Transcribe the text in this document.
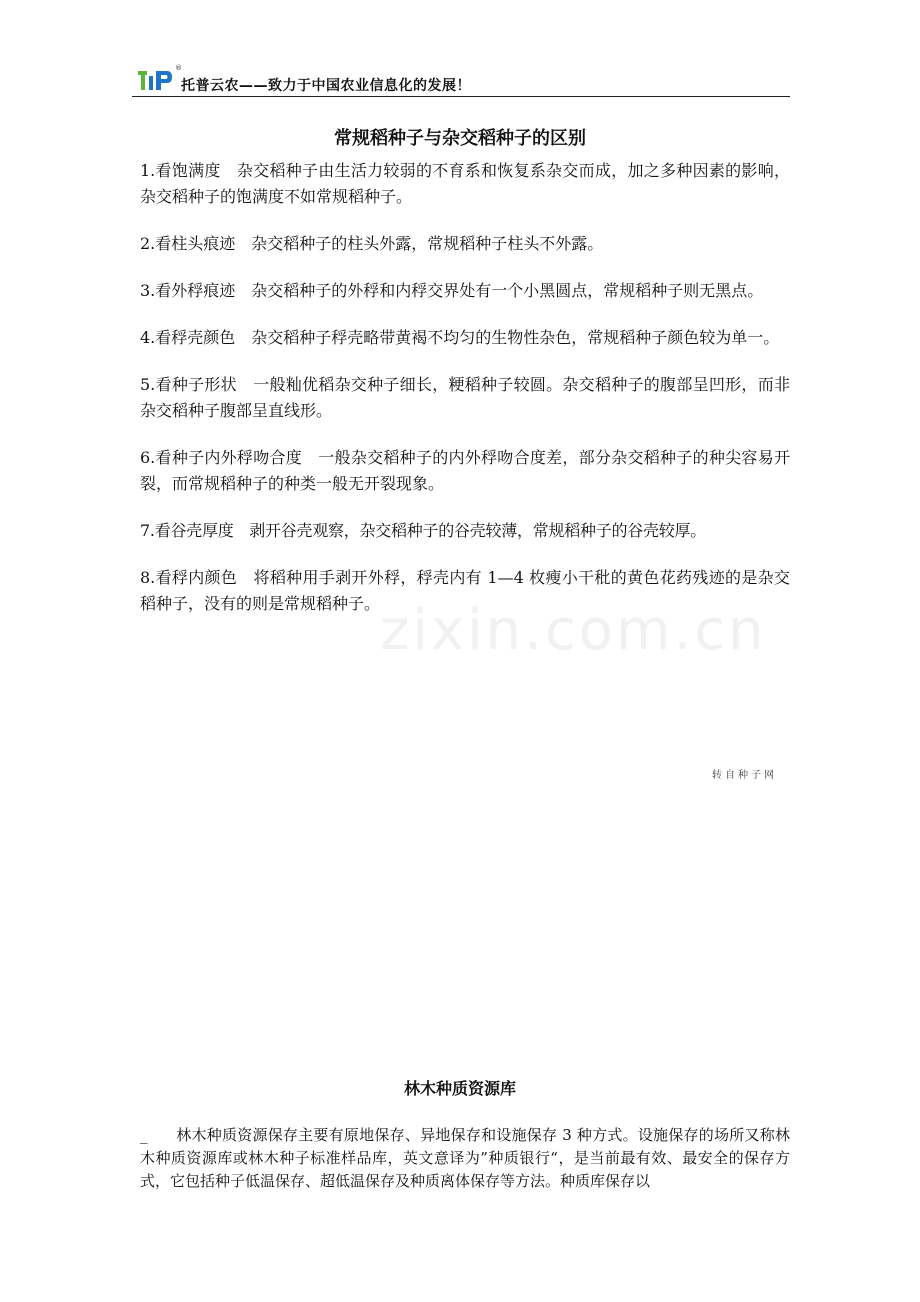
®
托普云农——致力于中国农业信息化的发展！
常规稻种子与杂交稻种子的区别
zixin.com.cn

1.看饱满度　杂交稻种子由生活力较弱的不育系和恢复系杂交而成，加之多种因素的影响，杂交稻种子的饱满度不如常规稻种子。

2.看柱头痕迹　杂交稻种子的柱头外露，常规稻种子柱头不外露。

3.看外稃痕迹　杂交稻种子的外稃和内稃交界处有一个小黑圆点，常规稻种子则无黑点。

4.看稃壳颜色　杂交稻种子稃壳略带黄褐不均匀的生物性杂色，常规稻种子颜色较为单一。

5.看种子形状　一般籼优稻杂交种子细长，粳稻种子较圆。杂交稻种子的腹部呈凹形，而非杂交稻种子腹部呈直线形。

6.看种子内外稃吻合度　一般杂交稻种子的内外稃吻合度差，部分杂交稻种子的种尖容易开裂，而常规稻种子的种类一般无开裂现象。

7.看谷壳厚度　剥开谷壳观察，杂交稻种子的谷壳较薄，常规稻种子的谷壳较厚。

8.看稃内颜色　将稻种用手剥开外稃，稃壳内有 1—4 枚瘦小干秕的黄色花药残迹的是杂交稻种子，没有的则是常规稻种子。

转自种子网
林木种质资源库
_ 林木种质资源保存主要有原地保存、异地保存和设施保存 3 种方式。设施保存的场所又称林木种质资源库或林木种子标准样品库，英文意译为”种质银行“，是当前最有效、最安全的保存方式，它包括种子低温保存、超低温保存及种质离体保存等方法。种质库保存以
